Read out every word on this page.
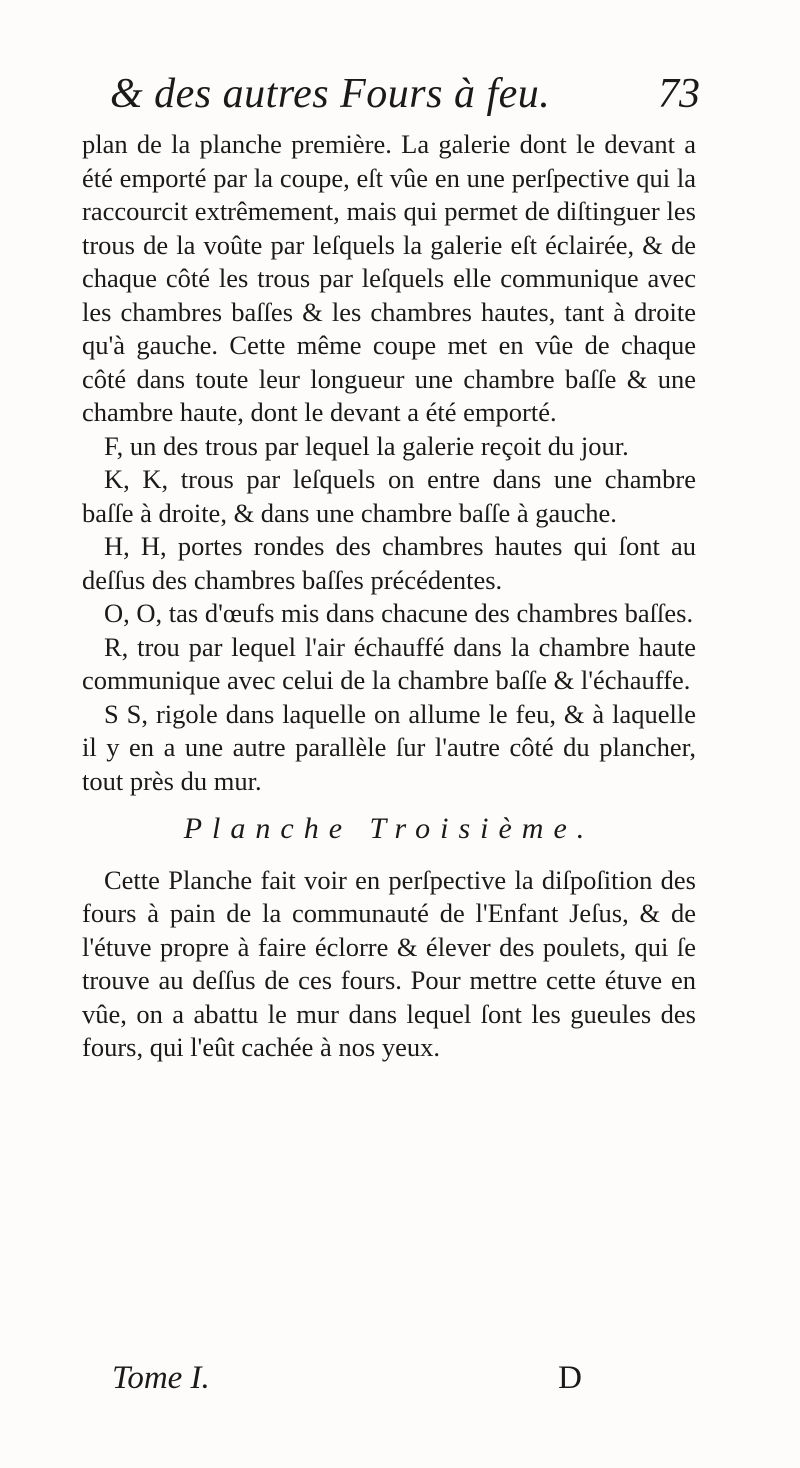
& des autres Fours à feu.	73

plan de la planche première. La galerie dont le devant a été emporté par la coupe, eſt vûe en une perſpective qui la raccourcit extrêmement, mais qui permet de diſtinguer les trous de la voûte par leſquels la galerie eſt éclairée, & de chaque côté les trous par leſquels elle communique avec les chambres baſſes & les chambres hautes, tant à droite qu'à gauche. Cette même coupe met en vûe de chaque côté dans toute leur longueur une chambre baſſe & une chambre haute, dont le devant a été emporté.

F, un des trous par lequel la galerie reçoit du jour.

K, K, trous par leſquels on entre dans une chambre baſſe à droite, & dans une chambre baſſe à gauche.

H, H, portes rondes des chambres hautes qui ſont au deſſus des chambres baſſes précédentes.

O, O, tas d'œufs mis dans chacune des chambres baſſes.

R, trou par lequel l'air échauffé dans la chambre haute communique avec celui de la chambre baſſe & l'échauffe.

S S, rigole dans laquelle on allume le feu, & à laquelle il y en a une autre parallèle ſur l'autre côté du plancher, tout près du mur.

Planche Troisième.

Cette Planche fait voir en perſpective la diſpoſition des fours à pain de la communauté de l'Enfant Jeſus, & de l'étuve propre à faire éclorre & élever des poulets, qui ſe trouve au deſſus de ces fours. Pour mettre cette étuve en vûe, on a abattu le mur dans lequel ſont les gueules des fours, qui l'eût cachée à nos yeux.

Tome I.	D
